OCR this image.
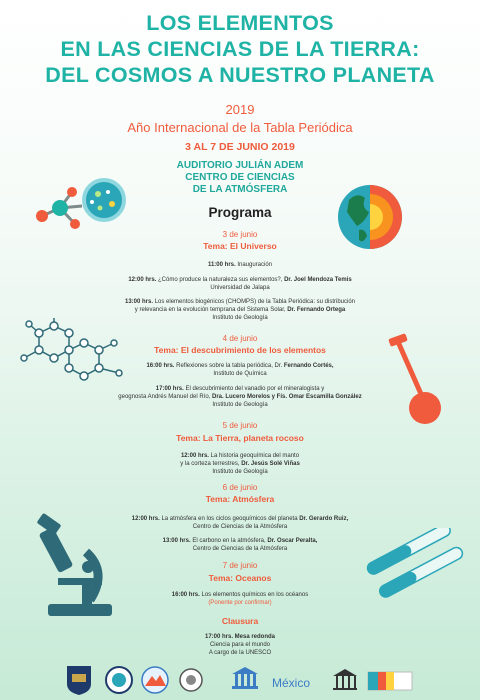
LOS ELEMENTOS
EN LAS CIENCIAS DE LA TIERRA:
DEL COSMOS A NUESTRO PLANETA
2019
Año Internacional de la Tabla Periódica
3 AL 7 DE JUNIO 2019
AUDITORIO JULIÁN ADEM
CENTRO DE CIENCIAS
DE LA ATMÓSFERA
Programa
3 de junio
Tema: El Universo
11:00 hrs. Inauguración
12:00 hrs. ¿Cómo produce la naturaleza sus elementos?, Dr. Joel Mendoza Temis
Universidad de Jalapa
13:00 hrs. Los elementos biogénicos (CHOMPS) de la Tabla Periódica: su distribución
y relevancia en la evolución temprana del Sistema Solar, Dr. Fernando Ortega
Instituto de Geología
4 de junio
Tema: El descubrimiento de los elementos
16:00 hrs. Reflexiones sobre la tabla periódica, Dr. Fernando Cortés,
Instituto de Química
17:00 hrs. El descubrimiento del vanadio por el mineralogista y
geognosta Andrés Manuel del Río, Dra. Lucero Morelos y Fís. Omar Escamilla González
Instituto de Geología
5 de junio
Tema: La Tierra, planeta rocoso
12:00 hrs. La historia geoquímica del manto
y la corteza terrestres, Dr. Jesús Solé Viñas
Instituto de Geología
6 de junio
Tema: Atmósfera
12:00 hrs. La atmósfera en los ciclos geoquímicos del planeta Dr. Gerardo Ruiz,
Centro de Ciencias de la Atmósfera
13:00 hrs. El carbono en la atmósfera, Dr. Oscar Peralta,
Centro de Ciencias de la Atmósfera
7 de junio
Tema: Oceanos
16:00 hrs. Los elementos químicos en los océanos
(Ponente por confirmar)
Clausura
17:00 hrs. Mesa redonda
Ciencia para el mundo
A cargo de la UNESCO
México
